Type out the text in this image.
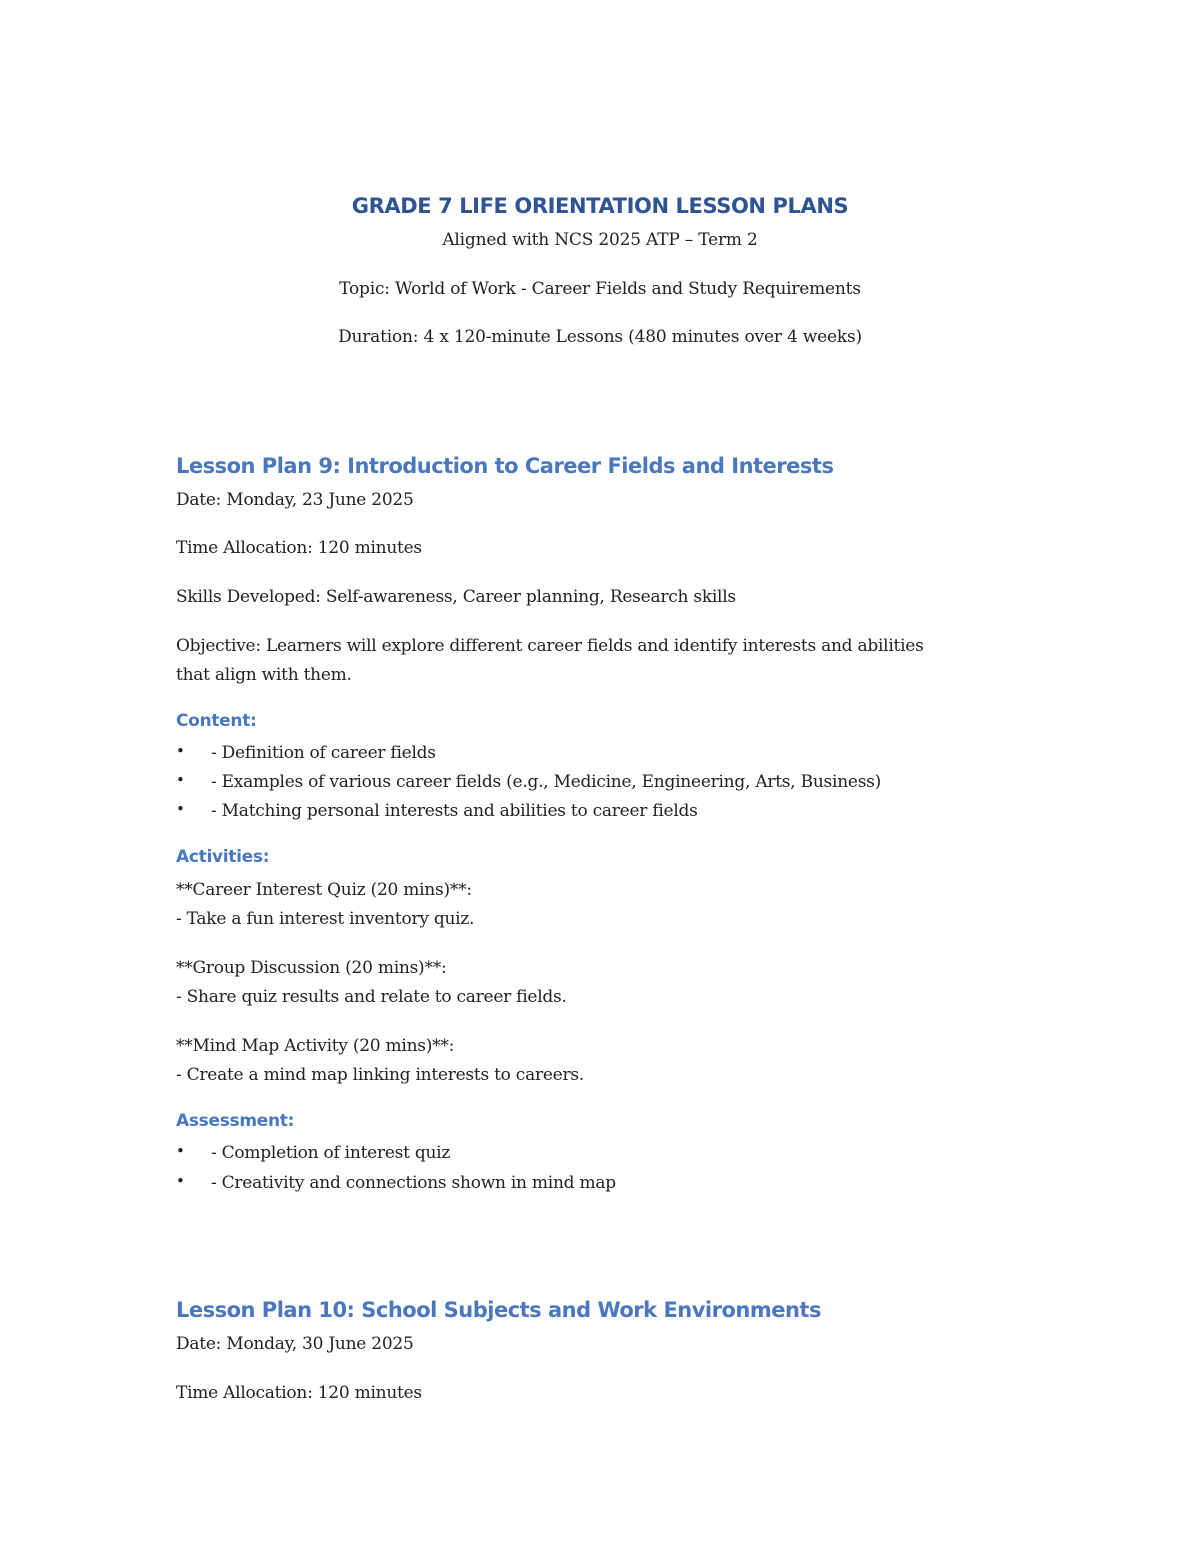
GRADE 7 LIFE ORIENTATION LESSON PLANS
Aligned with NCS 2025 ATP – Term 2
Topic: World of Work - Career Fields and Study Requirements
Duration: 4 x 120-minute Lessons (480 minutes over 4 weeks)
Lesson Plan 9: Introduction to Career Fields and Interests
Date: Monday, 23 June 2025
Time Allocation: 120 minutes
Skills Developed: Self-awareness, Career planning, Research skills
Objective: Learners will explore different career fields and identify interests and abilities
that align with them.
Content:
• - Definition of career fields
• - Examples of various career fields (e.g., Medicine, Engineering, Arts, Business)
• - Matching personal interests and abilities to career fields
Activities:
**Career Interest Quiz (20 mins)**:
- Take a fun interest inventory quiz.
**Group Discussion (20 mins)**:
- Share quiz results and relate to career fields.
**Mind Map Activity (20 mins)**:
- Create a mind map linking interests to careers.
Assessment:
• - Completion of interest quiz
• - Creativity and connections shown in mind map
Lesson Plan 10: School Subjects and Work Environments
Date: Monday, 30 June 2025
Time Allocation: 120 minutes
